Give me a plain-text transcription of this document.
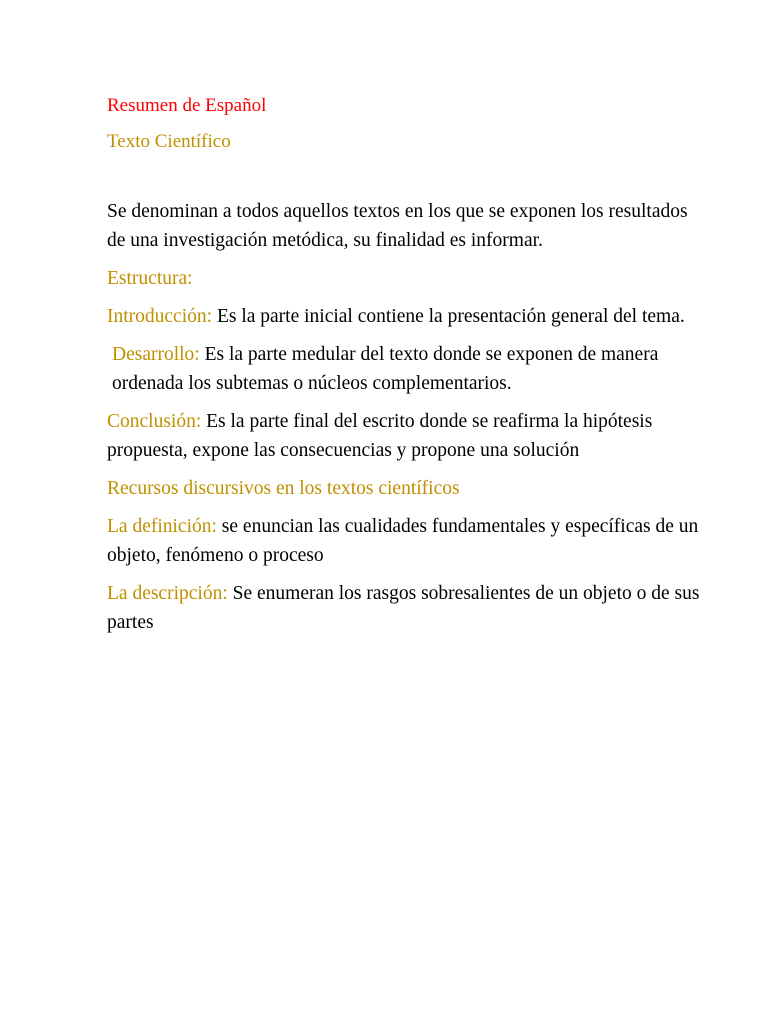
Resumen de Español
Texto Científico

Se denominan a todos aquellos textos en los que se exponen los resultados de una investigación metódica, su finalidad es informar.

Estructura:

Introducción: Es la parte inicial contiene la presentación general del tema.

Desarrollo: Es la parte medular del texto donde se exponen de manera ordenada los subtemas o núcleos complementarios.

Conclusión: Es la parte final del escrito donde se reafirma la hipótesis propuesta, expone las consecuencias y propone una solución

Recursos discursivos en los textos científicos

La definición: se enuncian las cualidades fundamentales y específicas de un objeto, fenómeno o proceso

La descripción: Se enumeran los rasgos sobresalientes de un objeto o de sus partes
